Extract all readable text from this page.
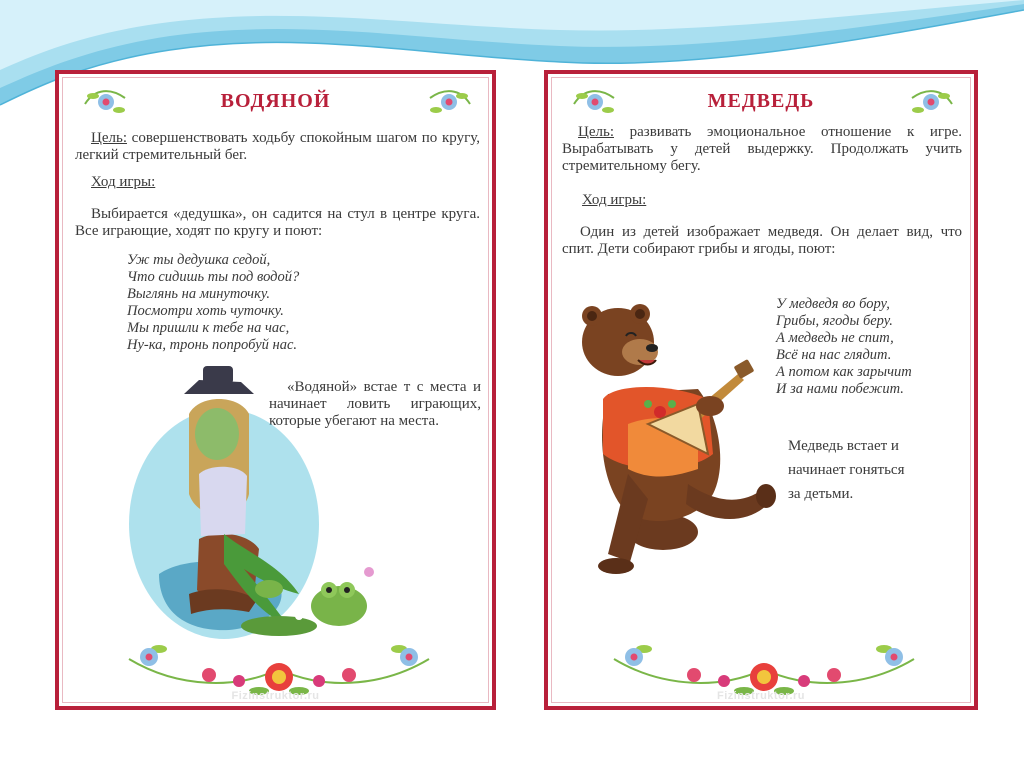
ВОДЯНОЙ

Цель: совершенствовать ходьбу спокойным шагом по кругу, легкий стремительный бег.

Ход игры:

Выбирается «дедушка», он садится на стул в центре круга. Все играющие, ходят по кругу и поют:

Уж ты дедушка седой,
Что сидишь ты под водой?
Выглянь на минуточку.
Посмотри хоть чуточку.
Мы пришли к тебе на час,
Ну-ка, тронь попробуй нас.

«Водяной» встае т с места и начинает ловить играющих, которые убегают на места.

Fizinstruktor.ru
МЕДВЕДЬ

Цель: развивать эмоциональное отношение к игре. Вырабатывать у детей выдержку. Продолжать учить стремительному бегу.

Ход игры:

Один из детей изображает медведя. Он делает вид, что спит. Дети собирают грибы и ягоды, поют:

У медведя во бору,
Грибы, ягоды беру.
А медведь не спит,
Всё на нас глядит.
А потом как зарычит
И за нами побежит.
Медведь встает и
начинает гоняться
за детьми.
Fizinstruktor.ru
